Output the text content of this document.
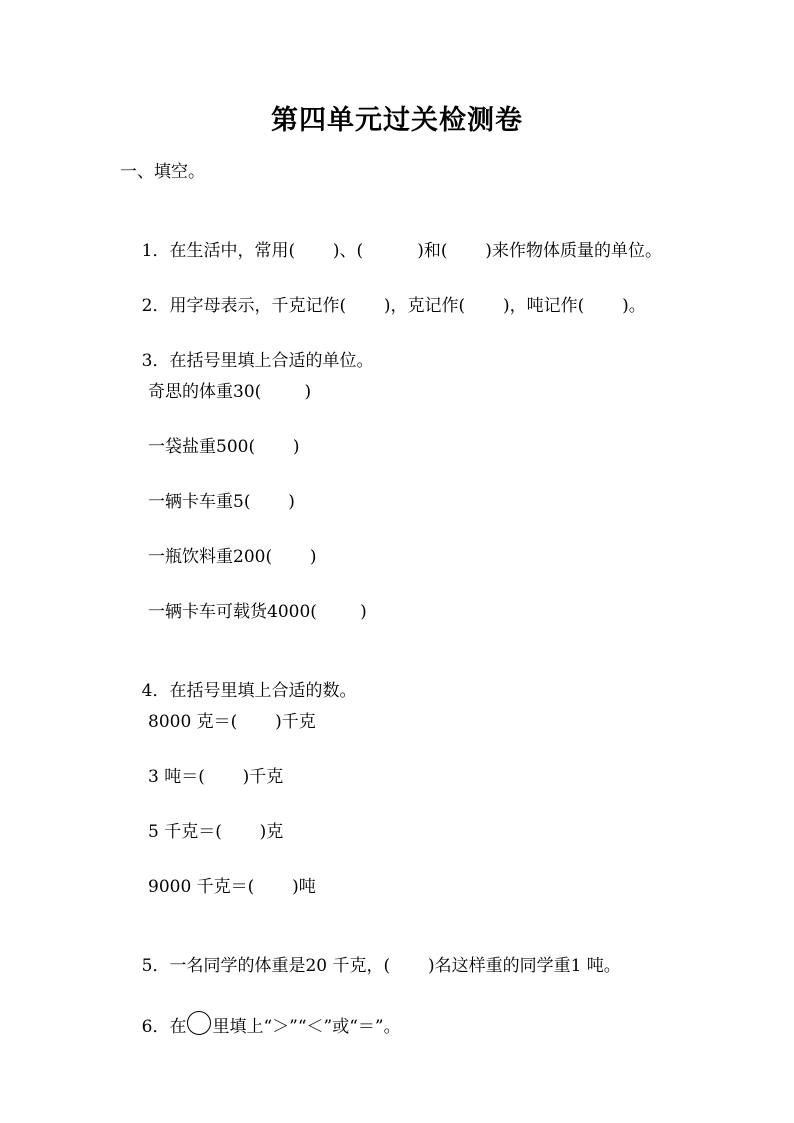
第四单元过关检测卷
一、填空。

1．在生活中，常用(       )、(          )和(       )来作物体质量的单位。

2．用字母表示，千克记作(       )，克记作(       )，吨记作(       )。

3．在括号里填上合适的单位。

奇思的体重30(        )
一袋盐重500(       )
一辆卡车重5(       )
一瓶饮料重200(       )
一辆卡车可载货4000(        )

4．在括号里填上合适的数。

8000 克＝(       )千克
3 吨＝(       )千克
5 千克＝(       )克
9000 千克＝(       )吨

5．一名同学的体重是20 千克，(       )名这样重的同学重1 吨。

6．在 里填上“＞”“＜”或“＝”。
